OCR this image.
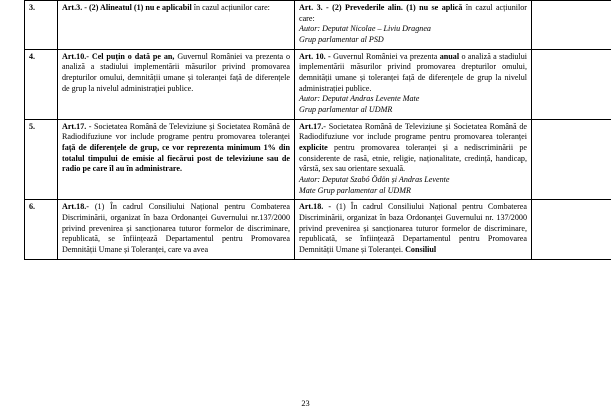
3.	Art.3. - (2) Alineatul (1) nu e aplicabil în cazul acțiunilor care:	Art. 3. - (2) Prevederile alin. (1) nu se aplică în cazul acțiunilor care:
Autor: Deputat Nicolae – Liviu Dragnea
Grup parlamentar al PSD	

4.	Art.10.- Cel puțin o dată pe an, Guvernul României va prezenta o analiză a stadiului implementării măsurilor privind promovarea drepturilor omului, demnității umane și toleranței față de diferențele de grup la nivelul administrației publice.	Art. 10. - Guvernul României va prezenta anual o analiză a stadiului implementării măsurilor privind promovarea drepturilor omului, demnității umane și toleranței față de diferențele de grup la nivelul administrației publice.
Autor: Deputat Andras Levente Mate
Grup parlamentar al UDMR

5.	Art.17. - Societatea Română de Televiziune și Societatea Română de Radiodifuziune vor include programe pentru promovarea toleranței față de diferențele de grup, ce vor reprezenta minimum 1% din totalul timpului de emisie al fiecărui post de televiziune sau de radio pe care îl au în administrare.	Art.17.- Societatea Română de Televiziune și Societatea Română de Radiodifuziune vor include programe pentru promovarea toleranței explicite pentru promovarea toleranței și a nediscriminării pe considerente de rasă, etnie, religie, naționalitate, credință, handicap, vârstă, sex sau orientare sexuală.
Autor: Deputat Szabó Ödön și Andras Levente
Mate Grup parlamentar al UDMR

6.	Art.18.- (1) În cadrul Consiliului Național pentru Combaterea Discriminării, organizat în baza Ordonanței Guvernului nr.137/2000 privind prevenirea și sancționarea tuturor formelor de discriminare, republicată, se înființează Departamentul pentru Promovarea Demnității Umane și Toleranței, care va avea	Art.18. - (1) În cadrul Consiliului Național pentru Combaterea Discriminării, organizat în baza Ordonanței Guvernului nr. 137/2000 privind prevenirea și sancționarea tuturor formelor de discriminare, republicată, se înființează Departamentul pentru Promovarea Demnității Umane și Toleranței. Consiliul	
23
